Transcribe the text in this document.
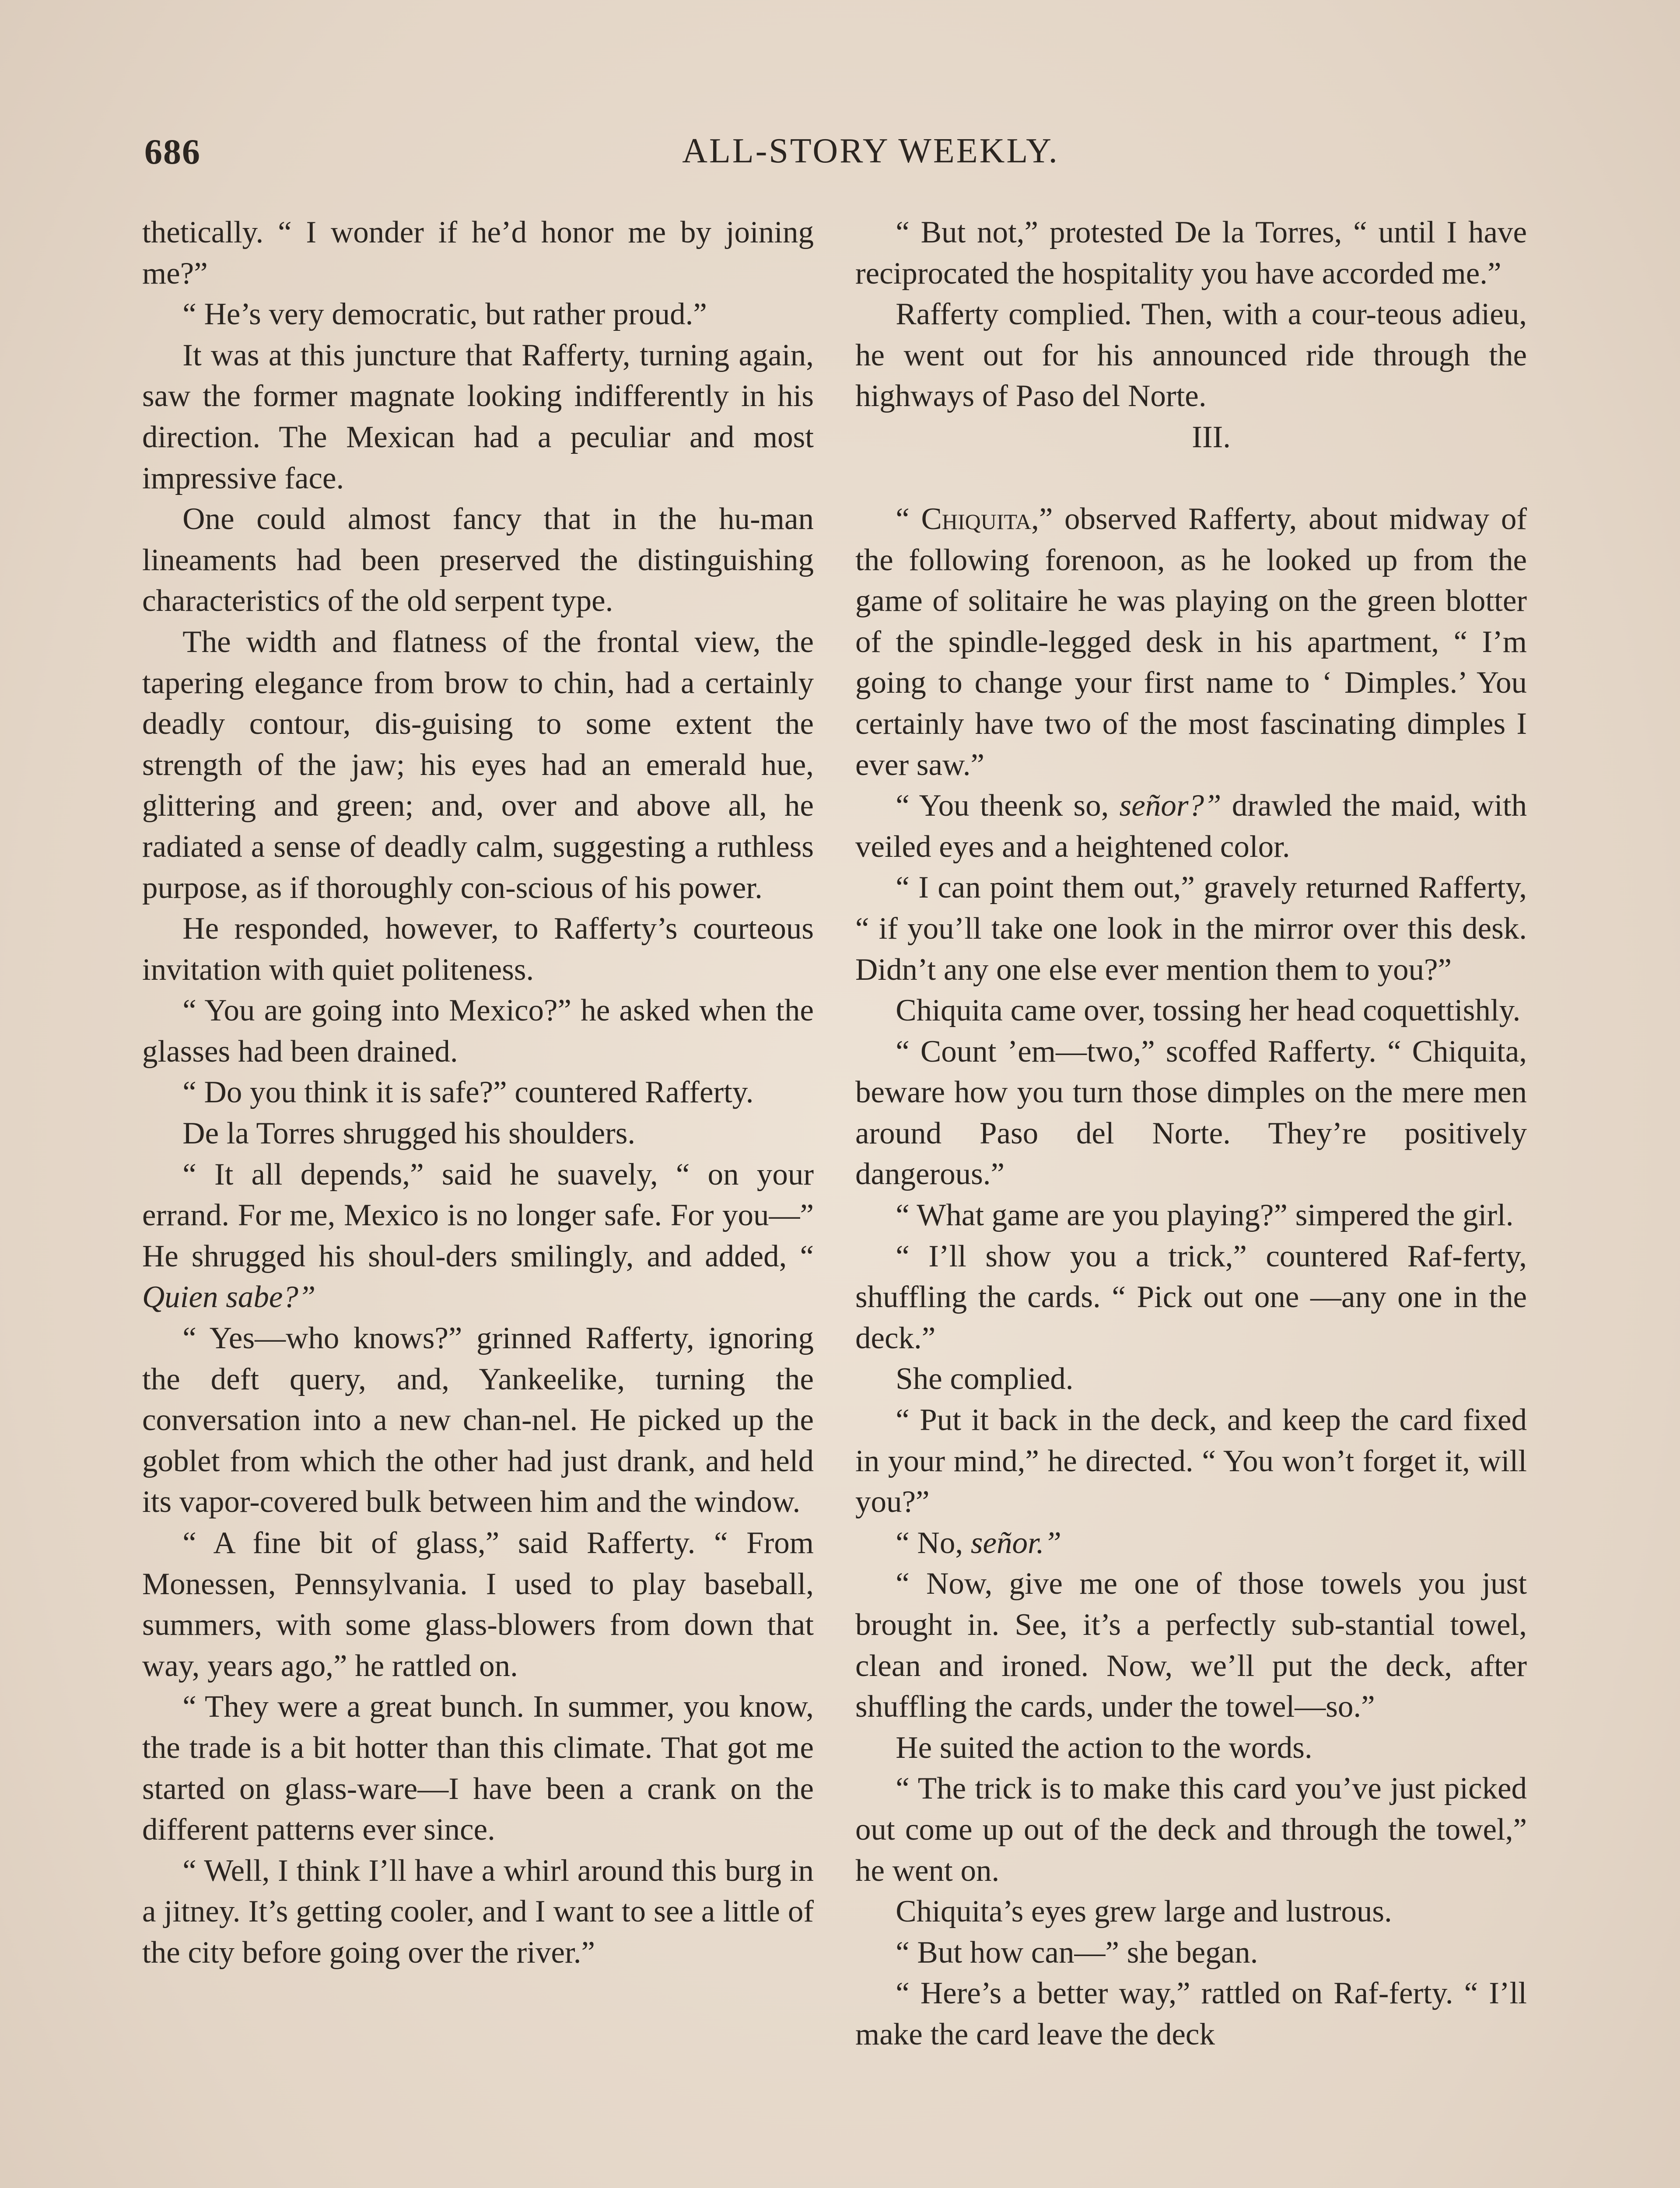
686	ALL-STORY WEEKLY.

thetically. “ I wonder if he’d honor me by joining me?”

“ He’s very democratic, but rather proud.”

It was at this juncture that Rafferty, turning again, saw the former magnate looking indifferently in his direction. The Mexican had a peculiar and most impressive face.

One could almost fancy that in the hu-man lineaments had been preserved the distinguishing characteristics of the old serpent type.

The width and flatness of the frontal view, the tapering elegance from brow to chin, had a certainly deadly contour, dis-guising to some extent the strength of the jaw; his eyes had an emerald hue, glittering and green; and, over and above all, he radiated a sense of deadly calm, suggesting a ruthless purpose, as if thoroughly con-scious of his power.

He responded, however, to Rafferty’s courteous invitation with quiet politeness.

“ You are going into Mexico?” he asked when the glasses had been drained.

“ Do you think it is safe?” countered Rafferty.

De la Torres shrugged his shoulders.

“ It all depends,” said he suavely, “ on your errand. For me, Mexico is no longer safe. For you—” He shrugged his shoul-ders smilingly, and added, “ Quien sabe?”

“ Yes—who knows?” grinned Rafferty, ignoring the deft query, and, Yankeelike, turning the conversation into a new chan-nel. He picked up the goblet from which the other had just drank, and held its vapor-covered bulk between him and the window.

“ A fine bit of glass,” said Rafferty. “ From Monessen, Pennsylvania. I used to play baseball, summers, with some glass-blowers from down that way, years ago,” he rattled on.

“ They were a great bunch. In summer, you know, the trade is a bit hotter than this climate. That got me started on glass-ware—I have been a crank on the different patterns ever since.

“ Well, I think I’ll have a whirl around this burg in a jitney. It’s getting cooler, and I want to see a little of the city before going over the river.”

“ But not,” protested De la Torres, “ until I have reciprocated the hospitality you have accorded me.”

Rafferty complied. Then, with a cour-teous adieu, he went out for his announced ride through the highways of Paso del Norte.

III.

“ Chiquita,” observed Rafferty, about midway of the following forenoon, as he looked up from the game of solitaire he was playing on the green blotter of the spindle-legged desk in his apartment, “ I’m going to change your first name to ‘ Dimples.’ You certainly have two of the most fascinating dimples I ever saw.”

“ You theenk so, señor?” drawled the maid, with veiled eyes and a heightened color.

“ I can point them out,” gravely returned Rafferty, “ if you’ll take one look in the mirror over this desk. Didn’t any one else ever mention them to you?”

Chiquita came over, tossing her head coquettishly.

“ Count ’em—two,” scoffed Rafferty. “ Chiquita, beware how you turn those dimples on the mere men around Paso del Norte. They’re positively dangerous.”

“ What game are you playing?” simpered the girl.

“ I’ll show you a trick,” countered Raf-ferty, shuffling the cards. “ Pick out one —any one in the deck.”

She complied.

“ Put it back in the deck, and keep the card fixed in your mind,” he directed. “ You won’t forget it, will you?”

“ No, señor.”

“ Now, give me one of those towels you just brought in. See, it’s a perfectly sub-stantial towel, clean and ironed. Now, we’ll put the deck, after shuffling the cards, under the towel—so.”

He suited the action to the words.

“ The trick is to make this card you’ve just picked out come up out of the deck and through the towel,” he went on.

Chiquita’s eyes grew large and lustrous.

“ But how can—” she began.

“ Here’s a better way,” rattled on Raf-ferty. “ I’ll make the card leave the deck
